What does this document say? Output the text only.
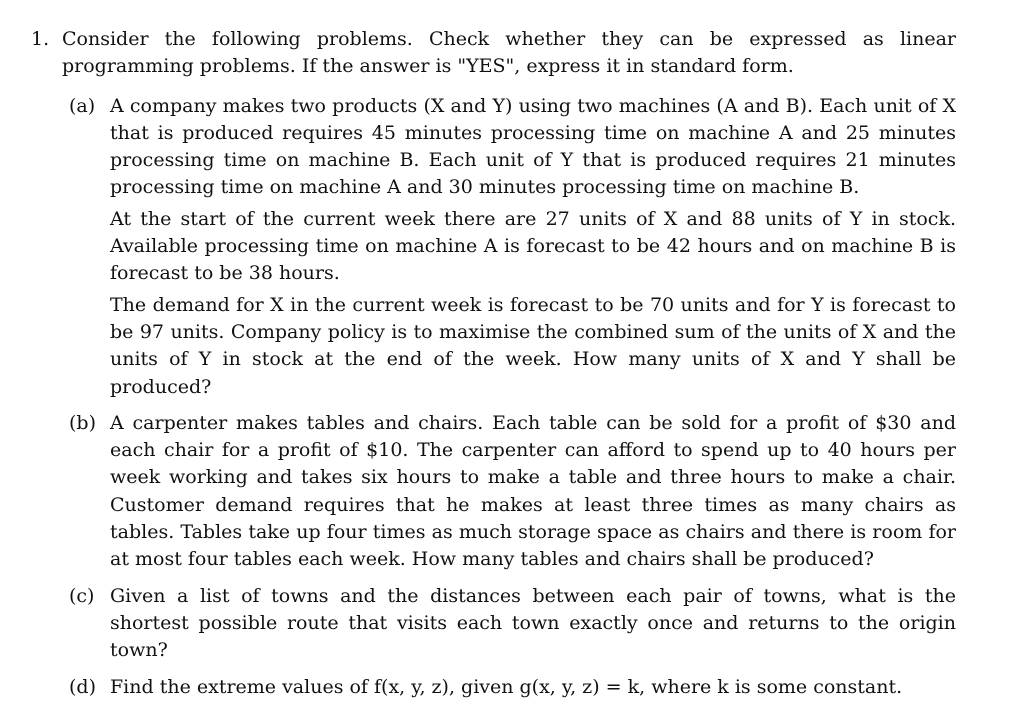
1. Consider the following problems. Check whether they can be expressed as linear programming problems. If the answer is "YES", express it in standard form.
(a) A company makes two products (X and Y) using two machines (A and B). Each unit of X that is produced requires 45 minutes processing time on machine A and 25 minutes processing time on machine B. Each unit of Y that is produced requires 21 minutes processing time on machine A and 30 minutes processing time on machine B.

At the start of the current week there are 27 units of X and 88 units of Y in stock. Available processing time on machine A is forecast to be 42 hours and on machine B is forecast to be 38 hours.

The demand for X in the current week is forecast to be 70 units and for Y is forecast to be 97 units. Company policy is to maximise the combined sum of the units of X and the units of Y in stock at the end of the week. How many units of X and Y shall be produced?

(b) A carpenter makes tables and chairs. Each table can be sold for a profit of $30 and each chair for a profit of $10. The carpenter can afford to spend up to 40 hours per week working and takes six hours to make a table and three hours to make a chair. Customer demand requires that he makes at least three times as many chairs as tables. Tables take up four times as much storage space as chairs and there is room for at most four tables each week. How many tables and chairs shall be produced?

(c) Given a list of towns and the distances between each pair of towns, what is the shortest possible route that visits each town exactly once and returns to the origin town?

(d) Find the extreme values of f(x, y, z), given g(x, y, z) = k, where k is some constant.
